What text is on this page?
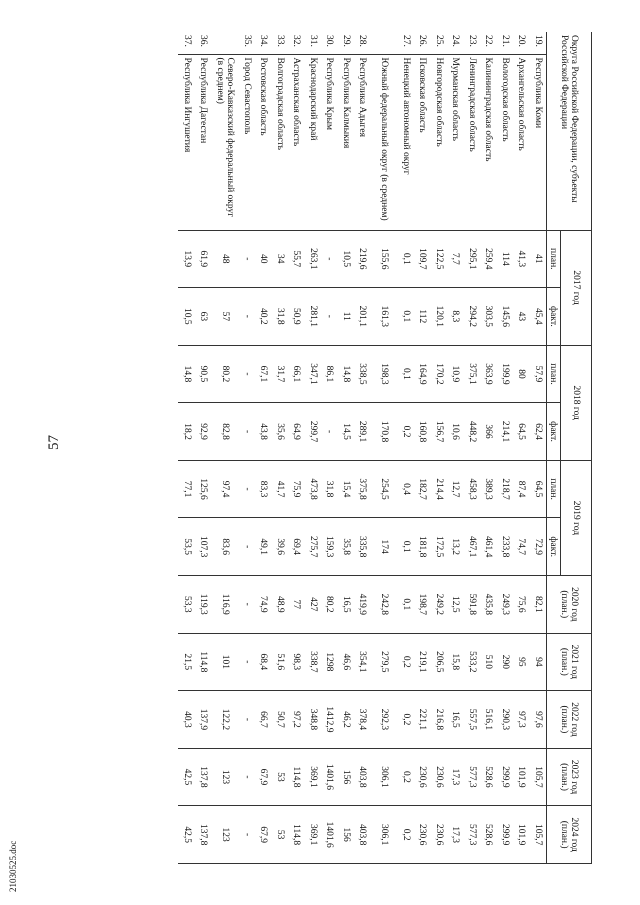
57
21030525.doc
Округа Российской Федерации, субъекты Российской Федерации		2017 год		2018 год		2019 год		2020 год (план.)	2021 год (план.)	2022 год (план.)	2023 год (план.)	2024 год (план.)
		план.	факт.	план.	факт.	план.	факт.					
19.	Республика Коми	41	45,4	57,9	62,4	64,5	72,9	82,1	94	97,6	105,7	105,7
20.	Архангельская область	41,3	43	80	64,5	87,4	74,7	75,6	95	97,3	101,9	101,9
21.	Вологодская область	114	145,6	199,9	214,1	218,7	233,8	249,3	290	290,3	299,9	299,9
22.	Калининградская область	259,4	303,5	363,9	366	389,3	461,4	435,8	510	516,1	528,6	528,6
23.	Ленинградская область	295,1	294,2	375,1	448,2	458,3	467,1	591,8	533,2	557,5	577,3	577,3
24.	Мурманская область	7,7	8,3	10,9	10,6	12,7	13,2	12,5	15,8	16,5	17,3	17,3
25.	Новгородская область	122,5	120,1	170,2	156,7	214,4	172,5	249,2	206,5	216,8	230,6	230,6
26.	Псковская область	109,7	112	164,9	160,8	182,7	181,8	198,7	219,1	221,1	230,6	230,6
27.	Ненецкий автономный округ	0,1	0,1	0,1	0,2	0,4	0,1	0,1	0,2	0,2	0,2	0,2
	Южный федеральный округ (в среднем)	155,6	161,3	198,3	170,8	254,5	174	242,8	279,5	292,3	306,1	306,1
28.	Республика Адыгея	219,6	201,1	338,5	289,1	375,8	335,8	419,9	354,1	378,4	403,8	403,8
29.	Республика Калмыкия	10,5	11	14,8	14,5	15,4	35,8	16,5	46,6	46,2	156	156
30.	Республика Крым	-	-	86,1	-	31,8	159,3	80,2	1298	1412,9	1401,6	1401,6
31.	Краснодарский край	263,1	281,1	347,1	299,7	473,8	275,7	427	338,7	348,8	369,1	369,1
32.	Астраханская область	55,7	50,9	66,1	64,9	75,9	69,4	77	98,3	97,2	114,8	114,8
33.	Волгоградская область	34	31,8	31,7	35,6	41,7	39,6	48,9	51,6	50,7	53	53
34.	Ростовская область	40	40,2	67,1	43,8	83,3	49,1	74,9	68,4	66,7	67,9	67,9
35.	Город Севастополь	-	-	-	-	-	-	-	-	-	-	-
	Северо-Кавказский федеральный округ (в среднем)	48	57	80,2	82,8	97,4	83,6	116,9	101	122,2	123	123
36.	Республика Дагестан	61,9	63	90,5	92,9	125,6	107,3	119,3	114,8	137,9	137,8	137,8
37.	Республика Ингушетия	13,9	10,5	14,8	18,2	77,1	53,5	53,3	21,5	40,3	42,5	42,5
